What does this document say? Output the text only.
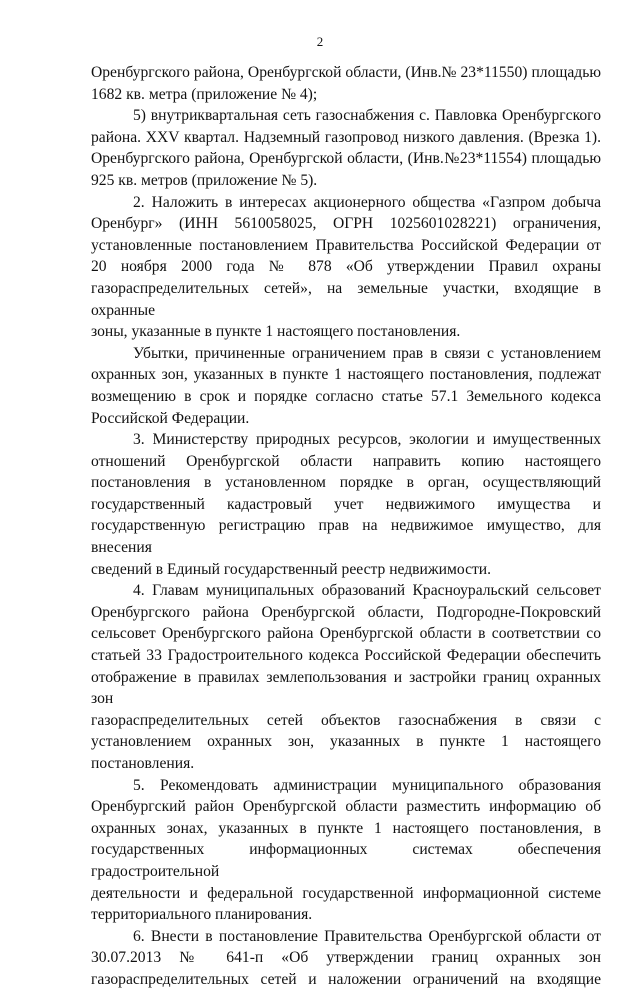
2
Оренбургского района, Оренбургской области, (Инв.№ 23*11550) площадью
1682 кв. метра (приложение № 4);
5) внутриквартальная сеть газоснабжения с. Павловка Оренбургского
района. XXV квартал. Надземный газопровод низкого давления. (Врезка 1).
Оренбургского района, Оренбургской области, (Инв.№23*11554) площадью
925 кв. метров (приложение № 5).
2. Наложить в интересах акционерного общества «Газпром добыча
Оренбург» (ИНН 5610058025, ОГРН 1025601028221) ограничения,
установленные постановлением Правительства Российской Федерации от
20 ноября 2000 года № 878 «Об утверждении Правил охраны
газораспределительных сетей», на земельные участки, входящие в охранные
зоны, указанные в пункте 1 настоящего постановления.
Убытки, причиненные ограничением прав в связи с установлением
охранных зон, указанных в пункте 1 настоящего постановления, подлежат
возмещению в срок и порядке согласно статье 57.1 Земельного кодекса
Российской Федерации.
3. Министерству природных ресурсов, экологии и имущественных
отношений Оренбургской области направить копию настоящего
постановления в установленном порядке в орган, осуществляющий
государственный кадастровый учет недвижимого имущества и
государственную регистрацию прав на недвижимое имущество, для внесения
сведений в Единый государственный реестр недвижимости.
4. Главам муниципальных образований Красноуральский сельсовет
Оренбургского района Оренбургской области, Подгородне-Покровский
сельсовет Оренбургского района Оренбургской области в соответствии со
статьей 33 Градостроительного кодекса Российской Федерации обеспечить
отображение в правилах землепользования и застройки границ охранных зон
газораспределительных сетей объектов газоснабжения в связи с
установлением охранных зон, указанных в пункте 1 настоящего
постановления.
5. Рекомендовать администрации муниципального образования
Оренбургский район Оренбургской области разместить информацию об
охранных зонах, указанных в пункте 1 настоящего постановления, в
государственных информационных системах обеспечения градостроительной
деятельности и федеральной государственной информационной системе
территориального планирования.
6. Внести в постановление Правительства Оренбургской области от
30.07.2013 № 641-п «Об утверждении границ охранных зон
газораспределительных сетей и наложении ограничений на входящие
